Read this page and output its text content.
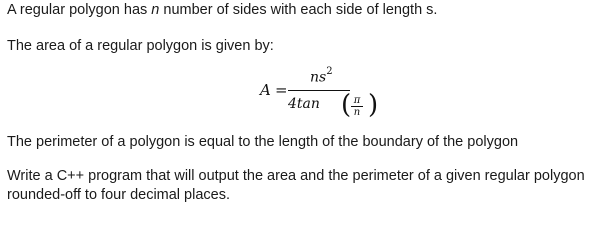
A regular polygon has n number of sides with each side of length s.
The area of a regular polygon is given by:
A =
$ns^2$
4tan ( π
n )
The perimeter of a polygon is equal to the length of the boundary of the polygon
Write a C++ program that will output the area and the perimeter of a given regular polygon
rounded-off to four decimal places.
